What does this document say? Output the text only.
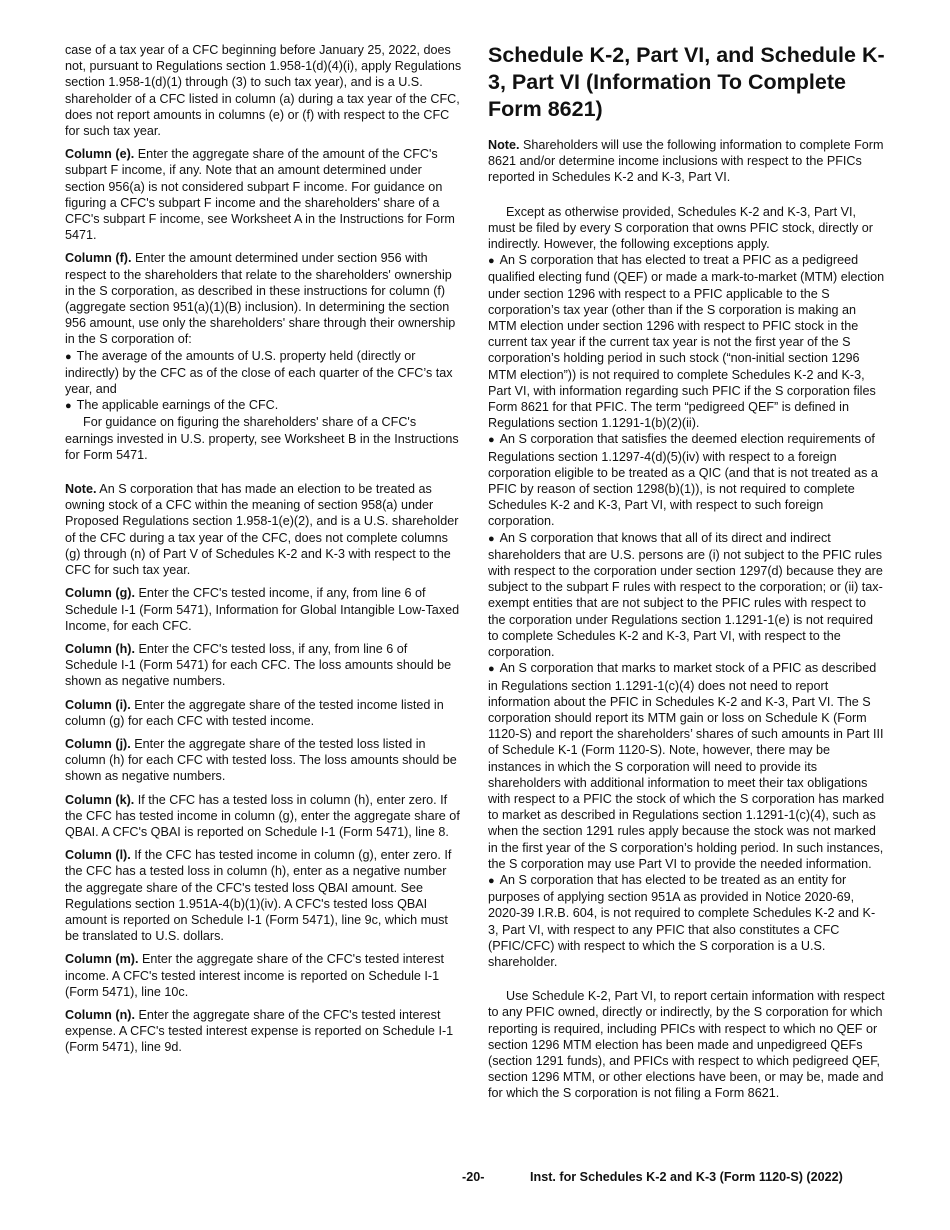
case of a tax year of a CFC beginning before January 25, 2022, does not, pursuant to Regulations section 1.958-1(d)(4)(i), apply Regulations section 1.958-1(d)(1) through (3) to such tax year), and is a U.S. shareholder of a CFC listed in column (a) during a tax year of the CFC, does not report amounts in columns (e) or (f) with respect to the CFC for such tax year.

Column (e). Enter the aggregate share of the amount of the CFC's subpart F income, if any. Note that an amount determined under section 956(a) is not considered subpart F income. For guidance on figuring a CFC's subpart F income and the shareholders' share of a CFC's subpart F income, see Worksheet A in the Instructions for Form 5471.

Column (f). Enter the amount determined under section 956 with respect to the shareholders that relate to the shareholders' ownership in the S corporation, as described in these instructions for column (f) (aggregate section 951(a)(1)(B) inclusion). In determining the section 956 amount, use only the shareholders' share through their ownership in the S corporation of:

● The average of the amounts of U.S. property held (directly or indirectly) by the CFC as of the close of each quarter of the CFC’s tax year, and

● The applicable earnings of the CFC.

For guidance on figuring the shareholders' share of a CFC's earnings invested in U.S. property, see Worksheet B in the Instructions for Form 5471.

Note. An S corporation that has made an election to be treated as owning stock of a CFC within the meaning of section 958(a) under Proposed Regulations section 1.958-1(e)(2), and is a U.S. shareholder of the CFC during a tax year of the CFC, does not complete columns (g) through (n) of Part V of Schedules K-2 and K-3 with respect to the CFC for such tax year.

Column (g). Enter the CFC's tested income, if any, from line 6 of Schedule I-1 (Form 5471), Information for Global Intangible Low-Taxed Income, for each CFC.

Column (h). Enter the CFC's tested loss, if any, from line 6 of Schedule I-1 (Form 5471) for each CFC. The loss amounts should be shown as negative numbers.

Column (i). Enter the aggregate share of the tested income listed in column (g) for each CFC with tested income.

Column (j). Enter the aggregate share of the tested loss listed in column (h) for each CFC with tested loss. The loss amounts should be shown as negative numbers.

Column (k). If the CFC has a tested loss in column (h), enter zero. If the CFC has tested income in column (g), enter the aggregate share of QBAI. A CFC's QBAI is reported on Schedule I-1 (Form 5471), line 8.

Column (l). If the CFC has tested income in column (g), enter zero. If the CFC has a tested loss in column (h), enter as a negative number the aggregate share of the CFC's tested loss QBAI amount. See Regulations section 1.951A-4(b)(1)(iv). A CFC's tested loss QBAI amount is reported on Schedule I-1 (Form 5471), line 9c, which must be translated to U.S. dollars.

Column (m). Enter the aggregate share of the CFC's tested interest income. A CFC's tested interest income is reported on Schedule I-1 (Form 5471), line 10c.

Column (n). Enter the aggregate share of the CFC's tested interest expense. A CFC's tested interest expense is reported on Schedule I-1 (Form 5471), line 9d.

Schedule K-2, Part VI, and Schedule K-3, Part VI (Information To Complete Form 8621)

Note. Shareholders will use the following information to complete Form 8621 and/or determine income inclusions with respect to the PFICs reported in Schedules K-2 and K-3, Part VI.

Except as otherwise provided, Schedules K-2 and K-3, Part VI, must be filed by every S corporation that owns PFIC stock, directly or indirectly. However, the following exceptions apply.

● An S corporation that has elected to treat a PFIC as a pedigreed qualified electing fund (QEF) or made a mark-to-market (MTM) election under section 1296 with respect to a PFIC applicable to the S corporation’s tax year (other than if the S corporation is making an MTM election under section 1296 with respect to PFIC stock in the current tax year if the current tax year is not the first year of the S corporation’s holding period in such stock (“non-initial section 1296 MTM election”)) is not required to complete Schedules K-2 and K-3, Part VI, with information regarding such PFIC if the S corporation files Form 8621 for that PFIC. The term “pedigreed QEF” is defined in Regulations section 1.1291-1(b)(2)(ii).

● An S corporation that satisfies the deemed election requirements of Regulations section 1.1297-4(d)(5)(iv) with respect to a foreign corporation eligible to be treated as a QIC (and that is not treated as a PFIC by reason of section 1298(b)(1)), is not required to complete Schedules K-2 and K-3, Part VI, with respect to such foreign corporation.

● An S corporation that knows that all of its direct and indirect shareholders that are U.S. persons are (i) not subject to the PFIC rules with respect to the corporation under section 1297(d) because they are subject to the subpart F rules with respect to the corporation; or (ii) tax-exempt entities that are not subject to the PFIC rules with respect to the corporation under Regulations section 1.1291-1(e) is not required to complete Schedules K-2 and K-3, Part VI, with respect to the corporation.

● An S corporation that marks to market stock of a PFIC as described in Regulations section 1.1291-1(c)(4) does not need to report information about the PFIC in Schedules K-2 and K-3, Part VI. The S corporation should report its MTM gain or loss on Schedule K (Form 1120-S) and report the shareholders’ shares of such amounts in Part III of Schedule K-1 (Form 1120-S). Note, however, there may be instances in which the S corporation will need to provide its shareholders with additional information to meet their tax obligations with respect to a PFIC the stock of which the S corporation has marked to market as described in Regulations section 1.1291-1(c)(4), such as when the section 1291 rules apply because the stock was not marked in the first year of the S corporation’s holding period. In such instances, the S corporation may use Part VI to provide the needed information.

● An S corporation that has elected to be treated as an entity for purposes of applying section 951A as provided in Notice 2020-69, 2020-39 I.R.B. 604, is not required to complete Schedules K-2 and K-3, Part VI, with respect to any PFIC that also constitutes a CFC (PFIC/CFC) with respect to which the S corporation is a U.S. shareholder.

Use Schedule K-2, Part VI, to report certain information with respect to any PFIC owned, directly or indirectly, by the S corporation for which reporting is required, including PFICs with respect to which no QEF or section 1296 MTM election has been made and unpedigreed QEFs (section 1291 funds), and PFICs with respect to which pedigreed QEF, section 1296 MTM, or other elections have been, or may be, made and for which the S corporation is not filing a Form 8621.

-20-	Inst. for Schedules K-2 and K-3 (Form 1120-S) (2022)
